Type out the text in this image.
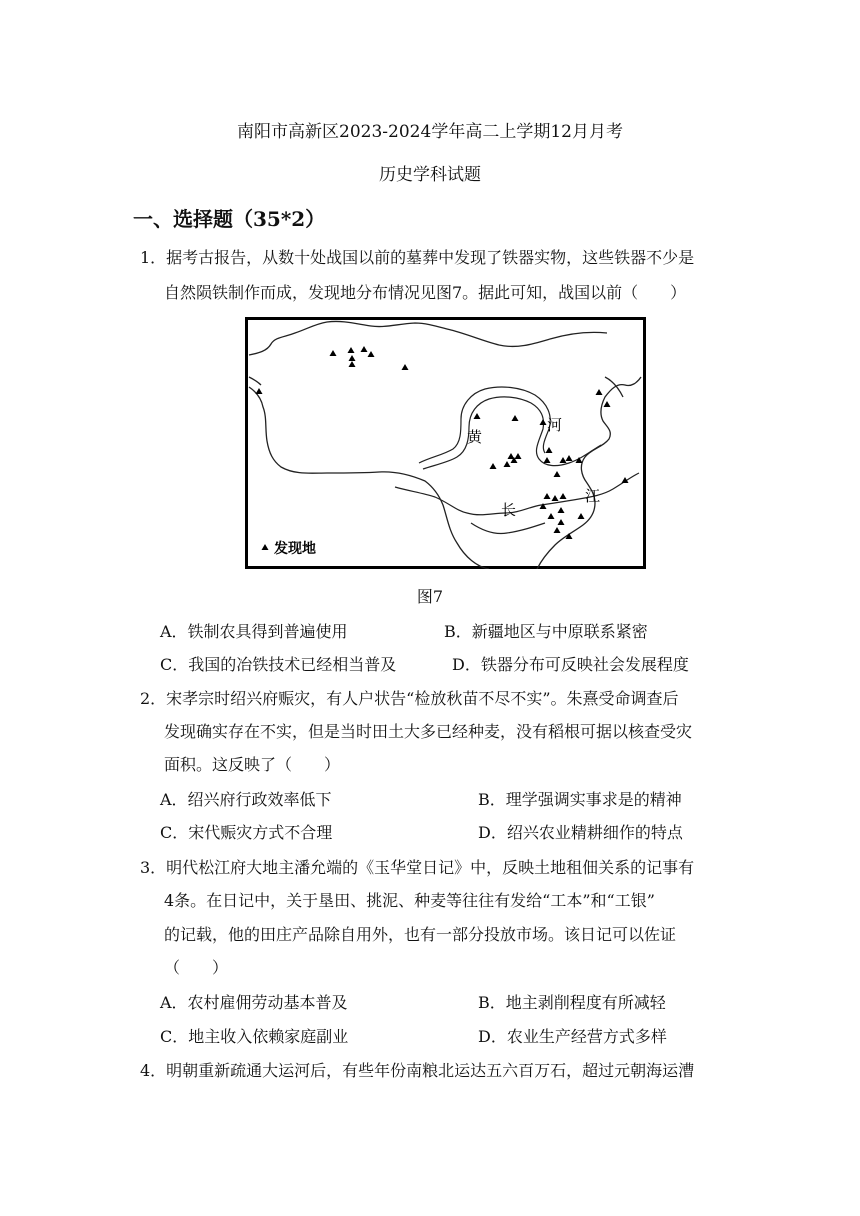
南阳市高新区2023-2024学年高二上学期12月月考
历史学科试题
一、选择题（35*2）
1．据考古报告，从数十处战国以前的墓葬中发现了铁器实物，这些铁器不少是
自然陨铁制作而成，发现地分布情况见图7。据此可知，战国以前（　　）
黄
河
长
江
发现地
图7
A．铁制农具得到普遍使用	B．新疆地区与中原联系紧密
C．我国的冶铁技术已经相当普及	D．铁器分布可反映社会发展程度
2．宋孝宗时绍兴府赈灾，有人户状告“检放秋苗不尽不实”。朱熹受命调查后
发现确实存在不实，但是当时田土大多已经种麦，没有稻根可据以核查受灾
面积。这反映了（　　）
A．绍兴府行政效率低下	B．理学强调实事求是的精神
C．宋代赈灾方式不合理	D．绍兴农业精耕细作的特点
3．明代松江府大地主潘允端的《玉华堂日记》中，反映土地租佃关系的记事有
4条。在日记中，关于垦田、挑泥、种麦等往往有发给“工本”和“工银”
的记载，他的田庄产品除自用外，也有一部分投放市场。该日记可以佐证
（　　）
A．农村雇佣劳动基本普及	B．地主剥削程度有所减轻
C．地主收入依赖家庭副业	D．农业生产经营方式多样
4．明朝重新疏通大运河后，有些年份南粮北运达五六百万石，超过元朝海运漕
